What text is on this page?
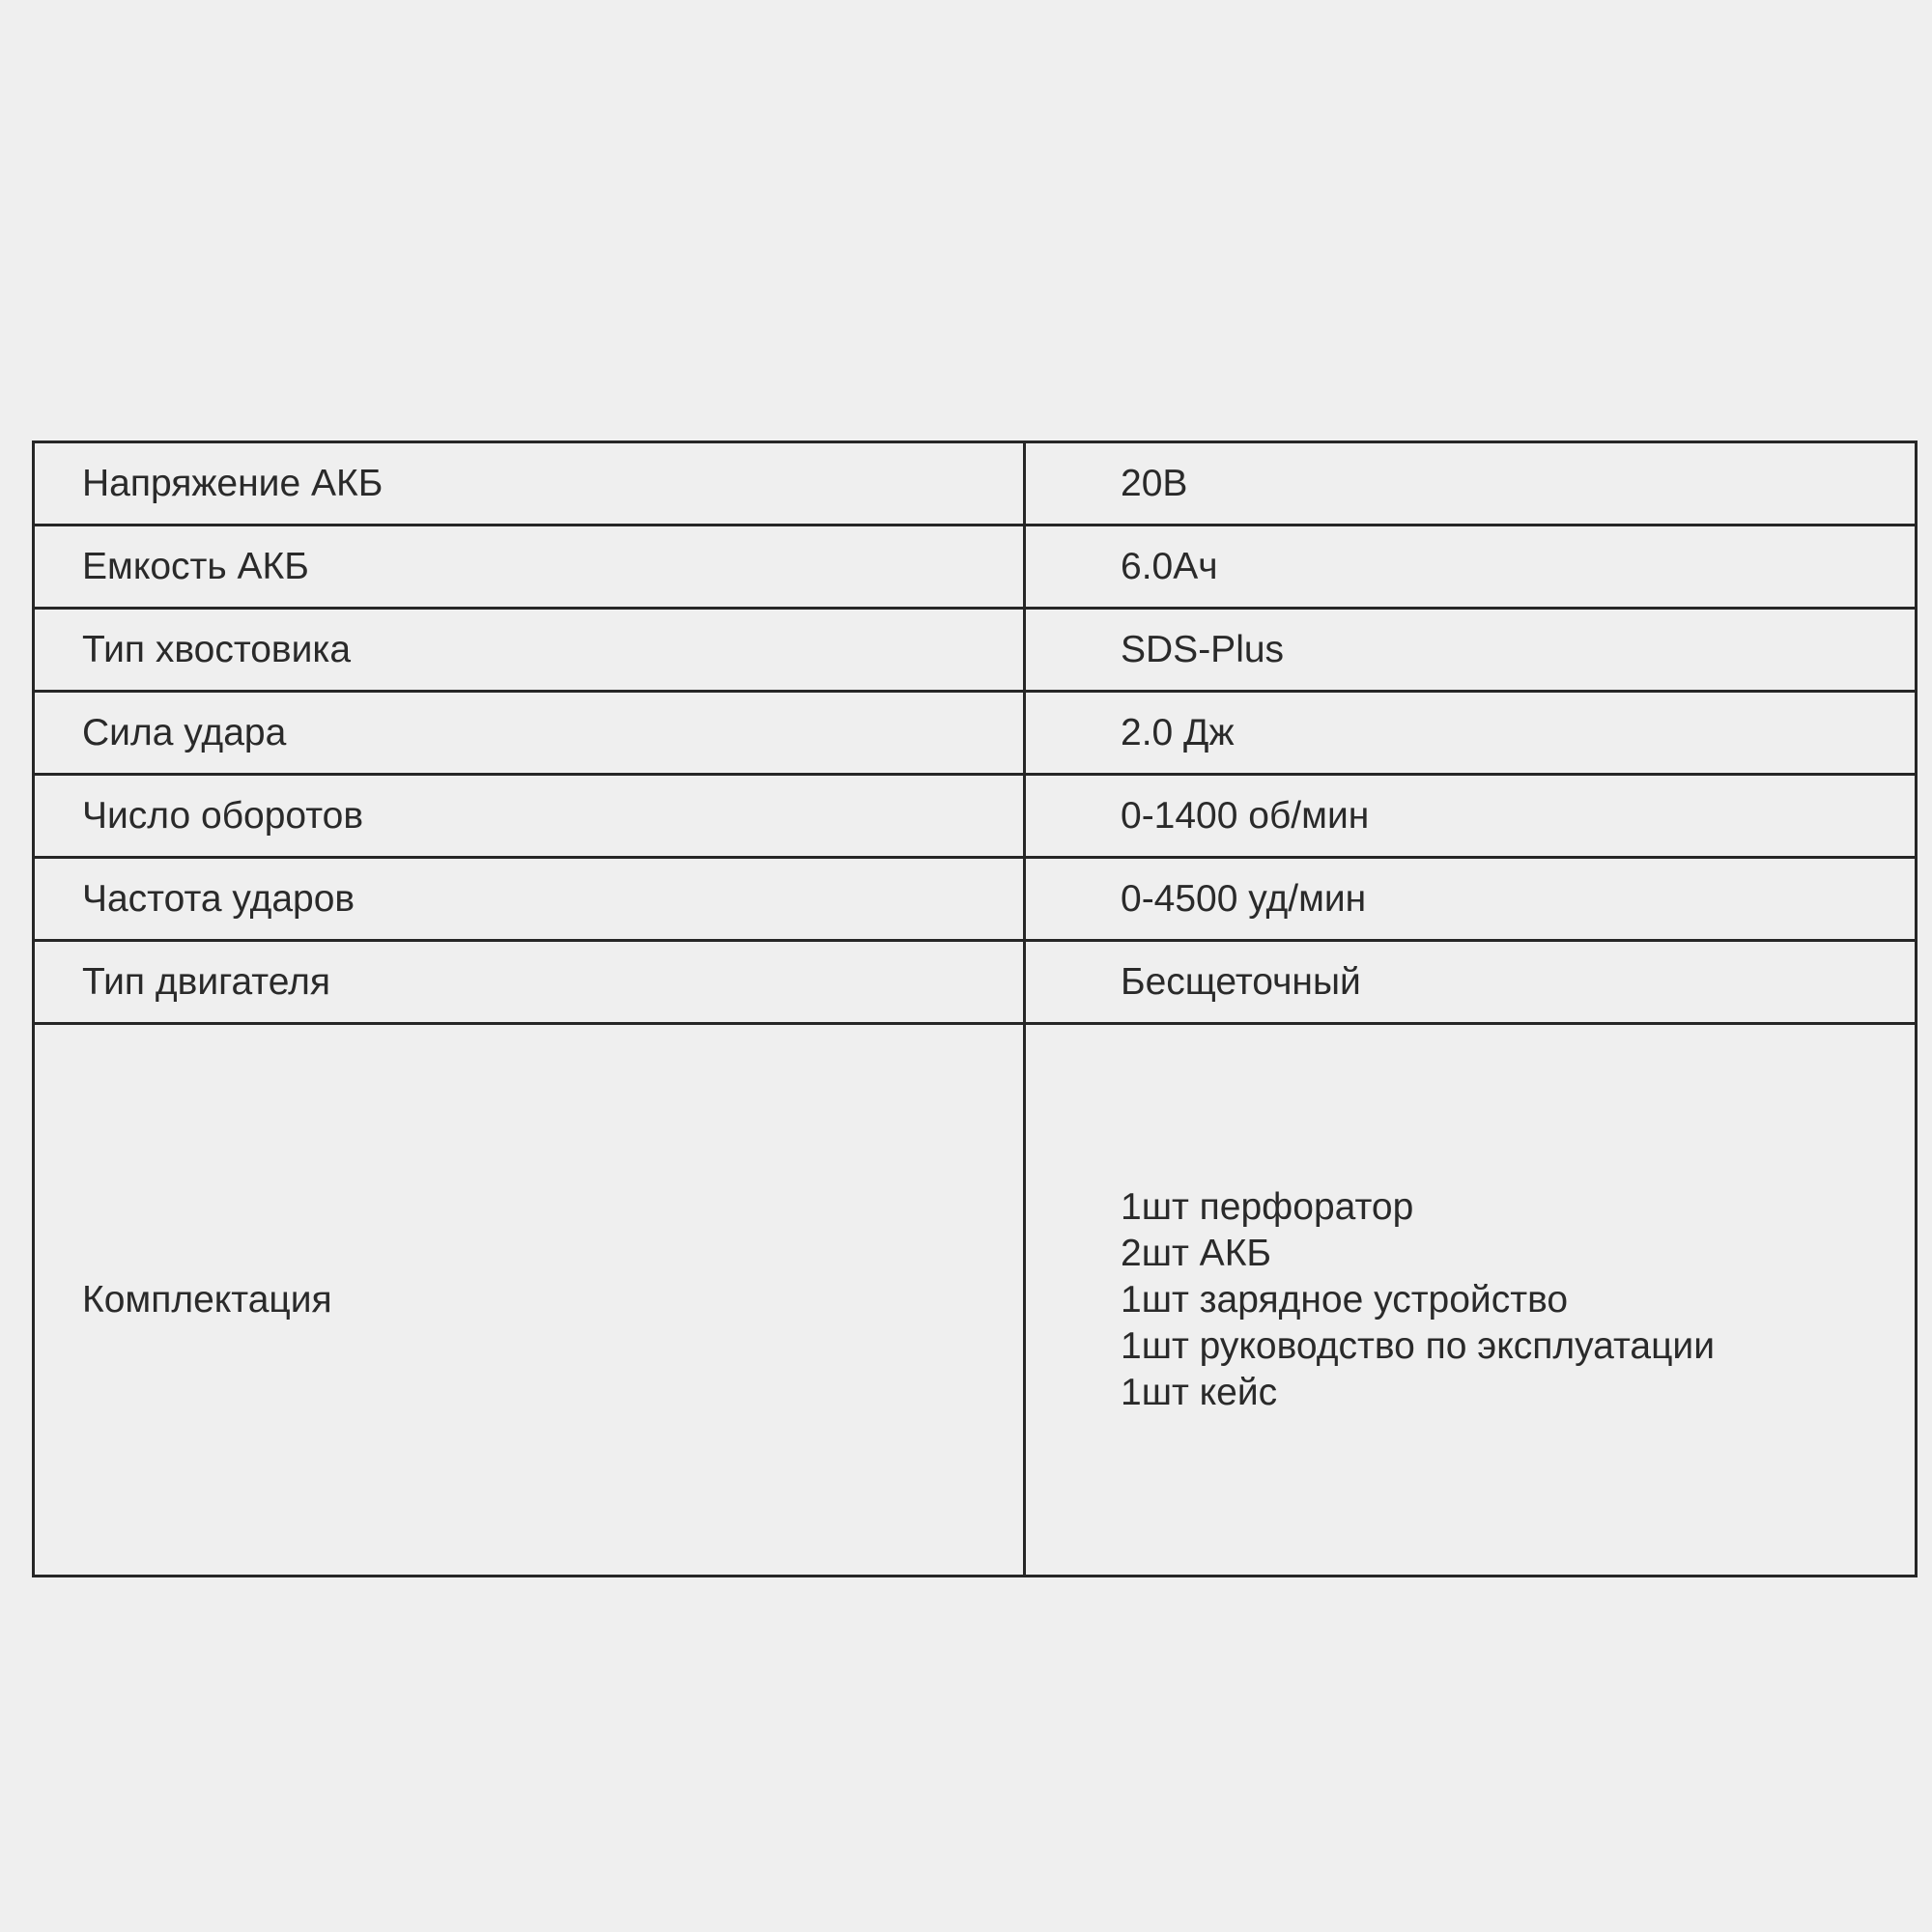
Напряжение АКБ	20В
Емкость АКБ	6.0Ач
Тип хвостовика	SDS-Plus
Сила удара	2.0 Дж
Число оборотов	0-1400 об/мин
Частота ударов	0-4500 уд/мин
Тип двигателя	Бесщеточный
Комплектация	1шт перфоратор
2шт АКБ
1шт зарядное устройство
1шт руководство по эксплуатации
1шт кейс
